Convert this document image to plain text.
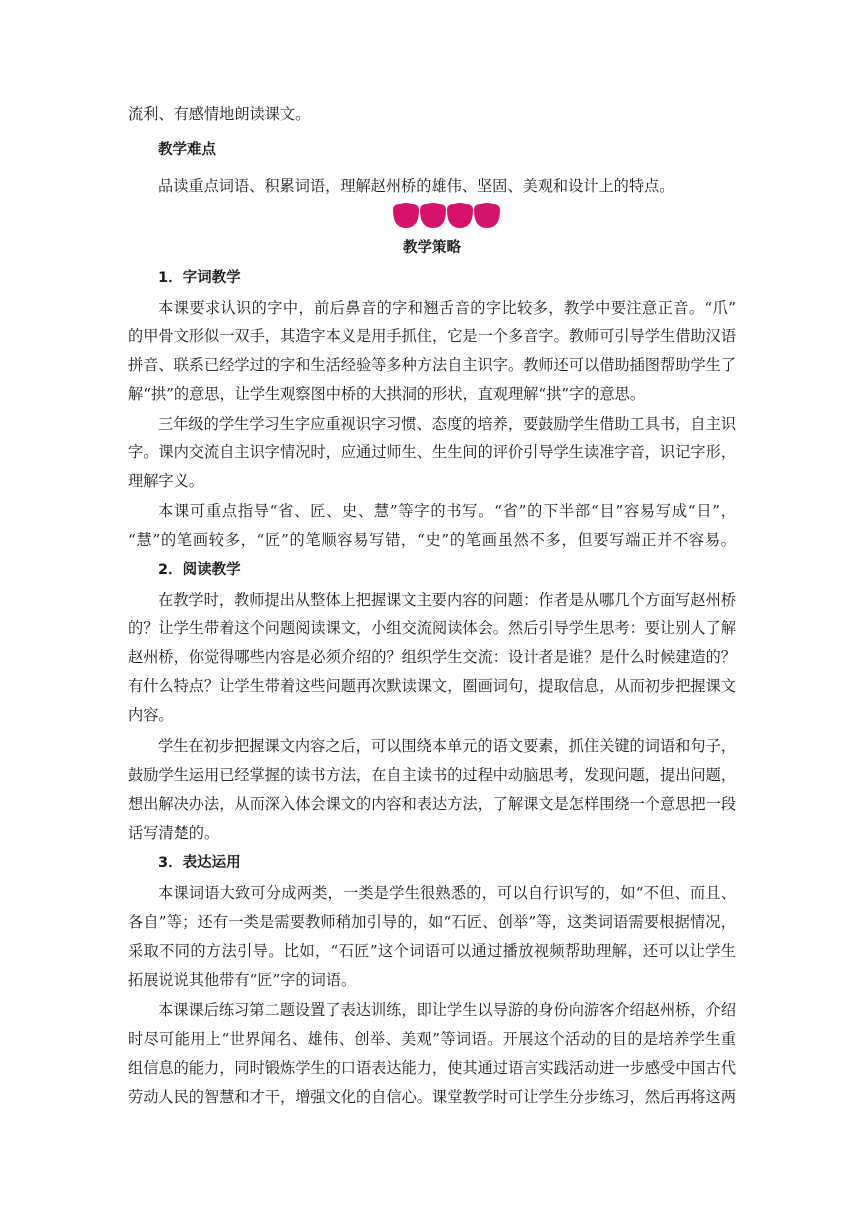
流利、有感情地朗读课文。
教学难点
品读重点词语、积累词语，理解赵州桥的雄伟、坚固、美观和设计上的特点。
教学策略
1．字词教学
本课要求认识的字中，前后鼻音的字和翘舌音的字比较多，教学中要注意正音。“爪”
的甲骨文形似一双手，其造字本义是用手抓住，它是一个多音字。教师可引导学生借助汉语
拼音、联系已经学过的字和生活经验等多种方法自主识字。教师还可以借助插图帮助学生了
解“拱”的意思，让学生观察图中桥的大拱洞的形状，直观理解“拱”字的意思。
三年级的学生学习生字应重视识字习惯、态度的培养，要鼓励学生借助工具书，自主识
字。课内交流自主识字情况时，应通过师生、生生间的评价引导学生读准字音，识记字形，
理解字义。
本课可重点指导“省、匠、史、慧”等字的书写。“省”的下半部“目”容易写成“日”，
“慧”的笔画较多，“匠”的笔顺容易写错，“史”的笔画虽然不多，但要写端正并不容易。
2．阅读教学
在教学时，教师提出从整体上把握课文主要内容的问题：作者是从哪几个方面写赵州桥
的？让学生带着这个问题阅读课文，小组交流阅读体会。然后引导学生思考：要让别人了解
赵州桥，你觉得哪些内容是必须介绍的？组织学生交流：设计者是谁？是什么时候建造的？
有什么特点？让学生带着这些问题再次默读课文，圈画词句，提取信息，从而初步把握课文
内容。
学生在初步把握课文内容之后，可以围绕本单元的语文要素，抓住关键的词语和句子，
鼓励学生运用已经掌握的读书方法，在自主读书的过程中动脑思考，发现问题，提出问题，
想出解决办法，从而深入体会课文的内容和表达方法，了解课文是怎样围绕一个意思把一段
话写清楚的。
3．表达运用
本课词语大致可分成两类，一类是学生很熟悉的，可以自行识写的，如“不但、而且、
各自”等；还有一类是需要教师稍加引导的，如“石匠、创举”等，这类词语需要根据情况，
采取不同的方法引导。比如，“石匠”这个词语可以通过播放视频帮助理解，还可以让学生
拓展说说其他带有“匠”字的词语。
本课课后练习第二题设置了表达训练，即让学生以导游的身份向游客介绍赵州桥，介绍
时尽可能用上“世界闻名、雄伟、创举、美观”等词语。开展这个活动的目的是培养学生重
组信息的能力，同时锻炼学生的口语表达能力，使其通过语言实践活动进一步感受中国古代
劳动人民的智慧和才干，增强文化的自信心。课堂教学时可让学生分步练习，然后再将这两
